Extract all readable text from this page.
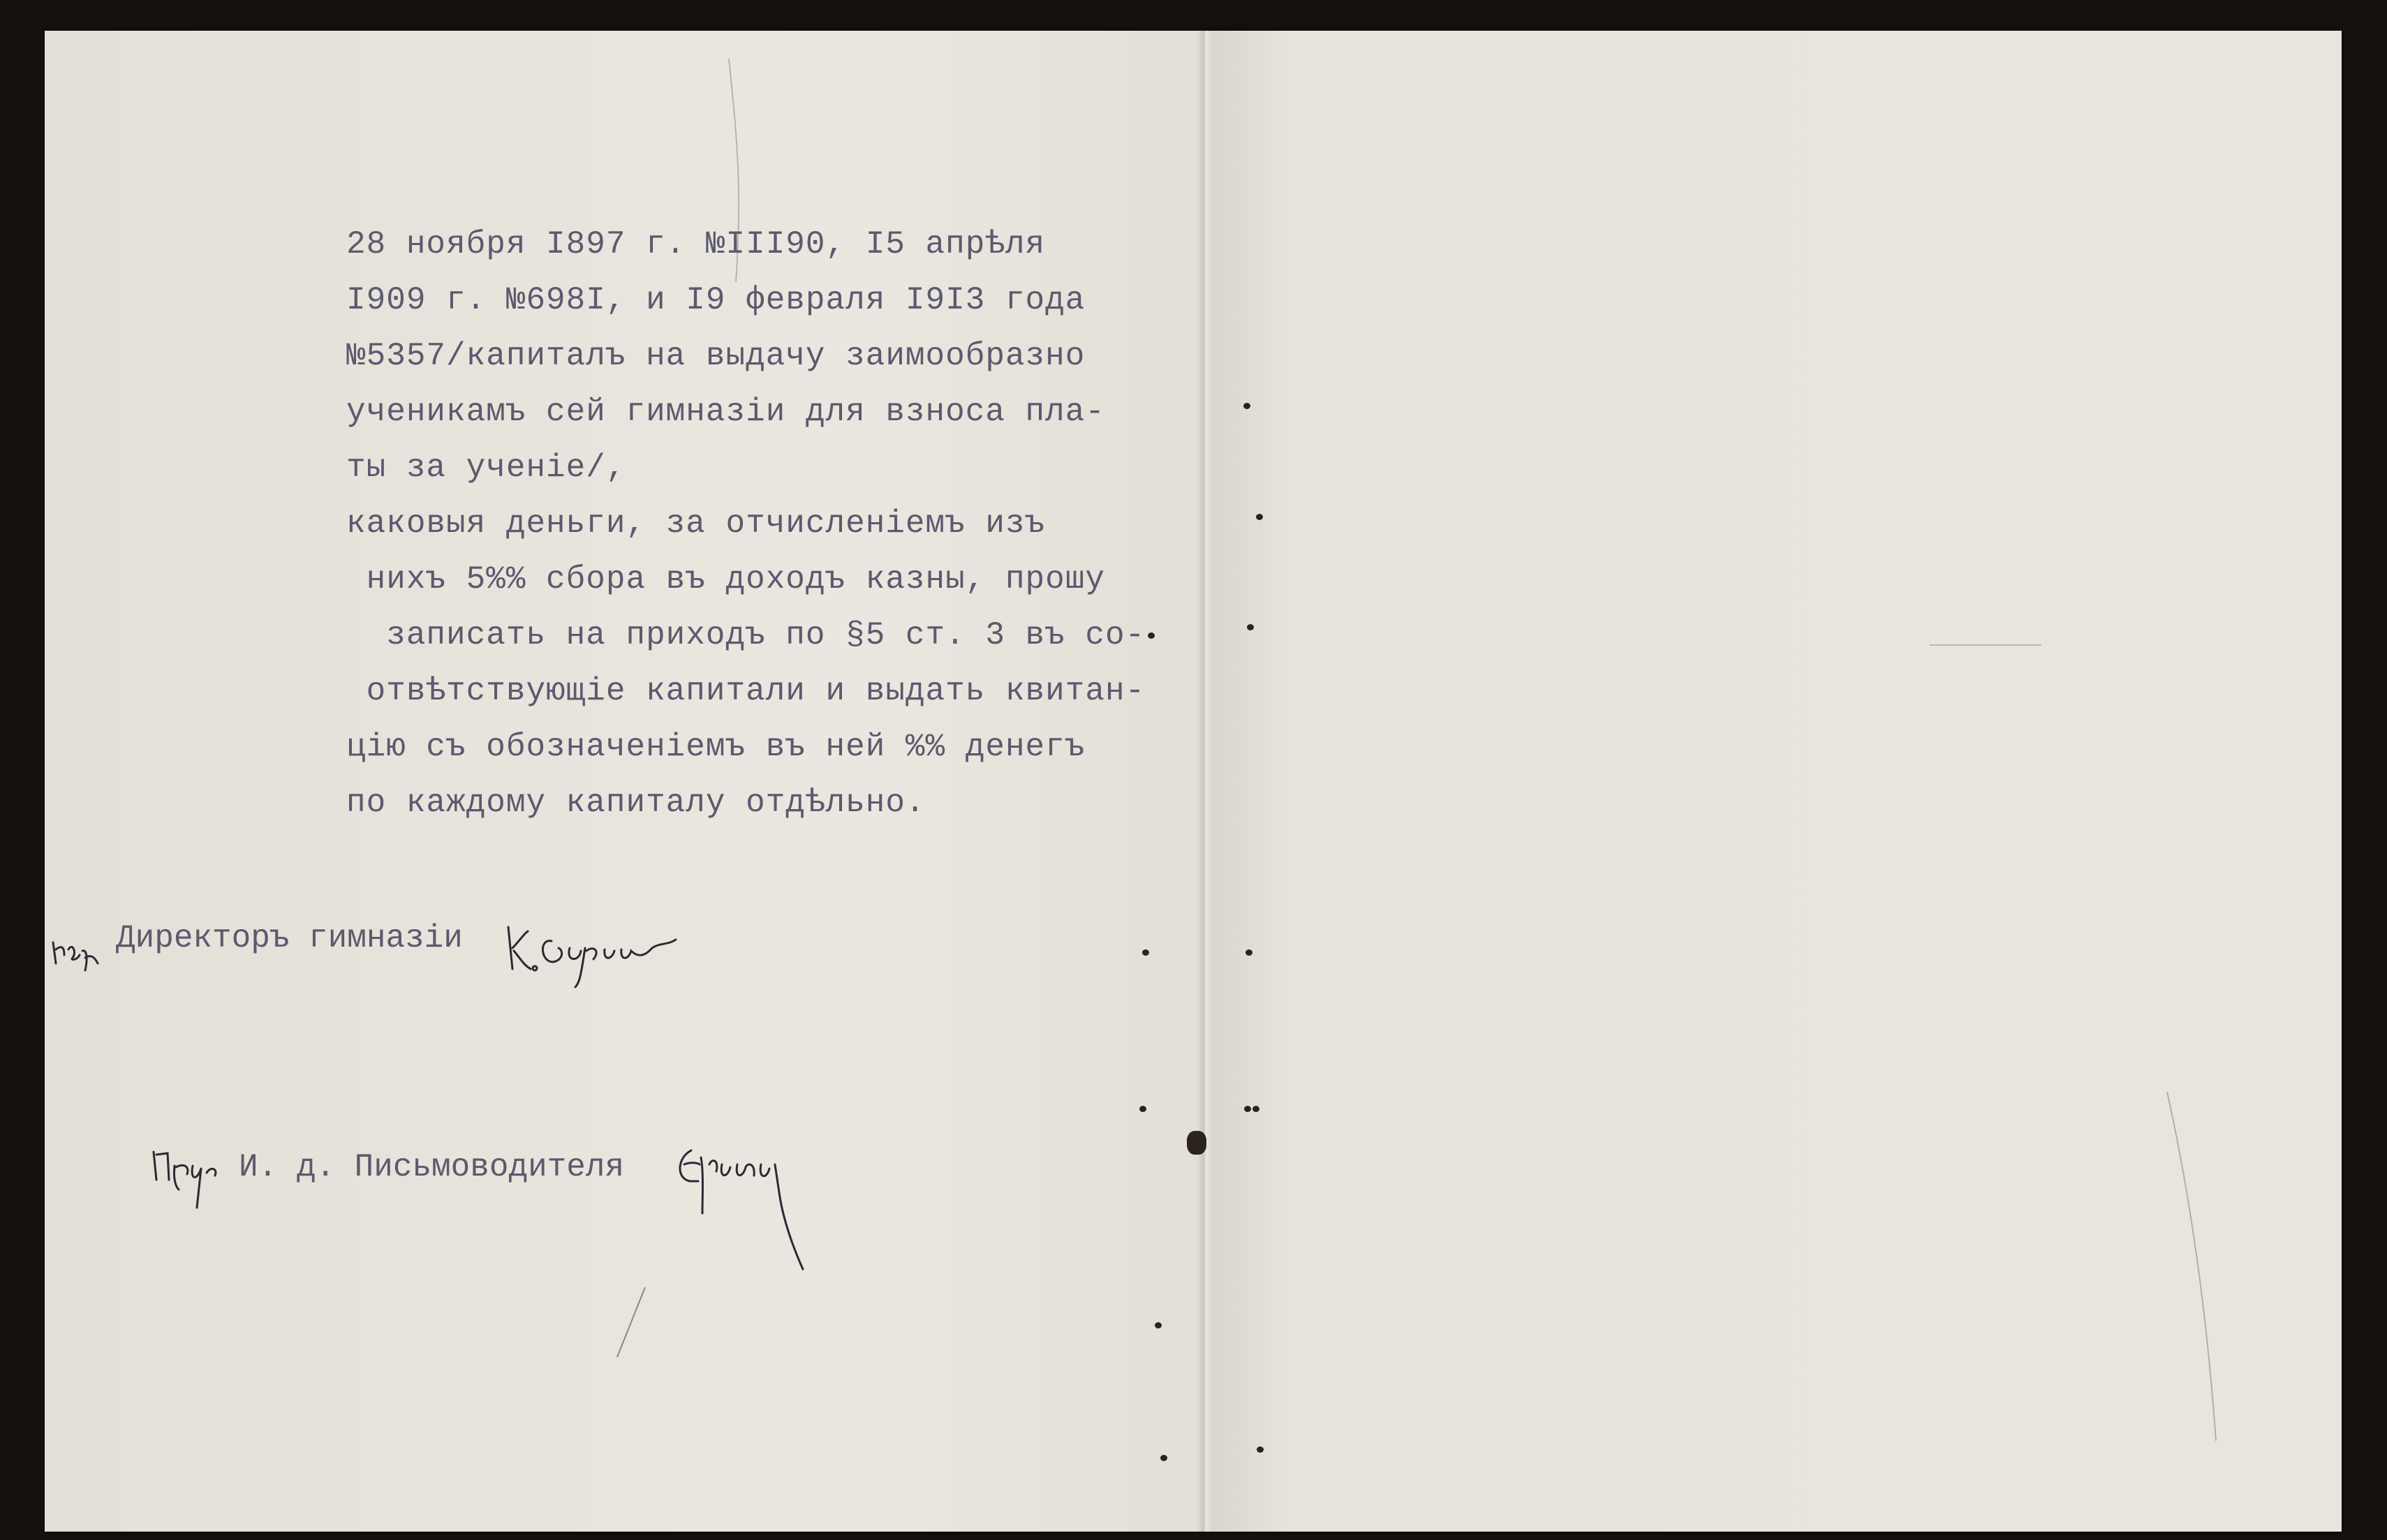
28 ноября I897 г. №III90, I5 апрѣля
I909 г. №698I, и I9 февраля I9I3 года
№5357/капиталъ на выдачу заимообразно
ученикамъ сей гимназiи для взноса пла-
ты за ученiе/,
каковыя деньги, за отчисленiемъ изъ
нихъ 5%% сбора въ доходъ казны, прошу
записать на приходъ по §5 ст. 3 въ со-
отвѣтствующiе капитали и выдать квитан-
цiю съ обозначенiемъ въ ней %% денегъ
по каждому капиталу отдѣльно.
Директоръ гимназiи
И. д. Письмоводителя
